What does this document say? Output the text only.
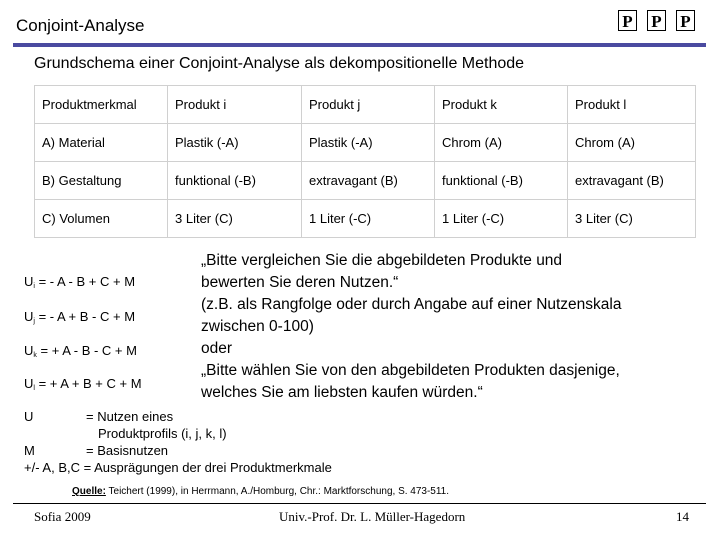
Conjoint-Analyse	P P P
Grundschema einer Conjoint-Analyse als dekompositionelle Methode
Produktmerkmal	Produkt i	Produkt j	Produkt k	Produkt l
A) Material	Plastik (-A)	Plastik (-A)	Chrom (A)	Chrom (A)
B) Gestaltung	funktional (-B)	extravagant (B)	funktional (-B)	extravagant (B)
C) Volumen	3 Liter (C)	1 Liter (-C)	1 Liter (-C)	3 Liter (C)
$U_i$ = - A - B + C + M
$U_j$ = - A + B - C + M
$U_k$ = + A - B - C + M
$U_l$ = + A + B + C + M
„Bitte vergleichen Sie die abgebildeten Produkte und
bewerten Sie deren Nutzen.“
(z.B. als Rangfolge oder durch Angabe auf einer Nutzenskala
zwischen 0-100)
oder
„Bitte wählen Sie von den abgebildeten Produkten dasjenige,
welches Sie am liebsten kaufen würden.“
U	= Nutzen eines
Produktprofils (i, j, k, l)
M	= Basisnutzen
+/- A, B,C = Ausprägungen der drei Produktmerkmale
Quelle: Teichert (1999), in Herrmann, A./Homburg, Chr.: Marktforschung, S. 473-511.
Sofia 2009	Univ.-Prof. Dr. L. Müller-Hagedorn	14
